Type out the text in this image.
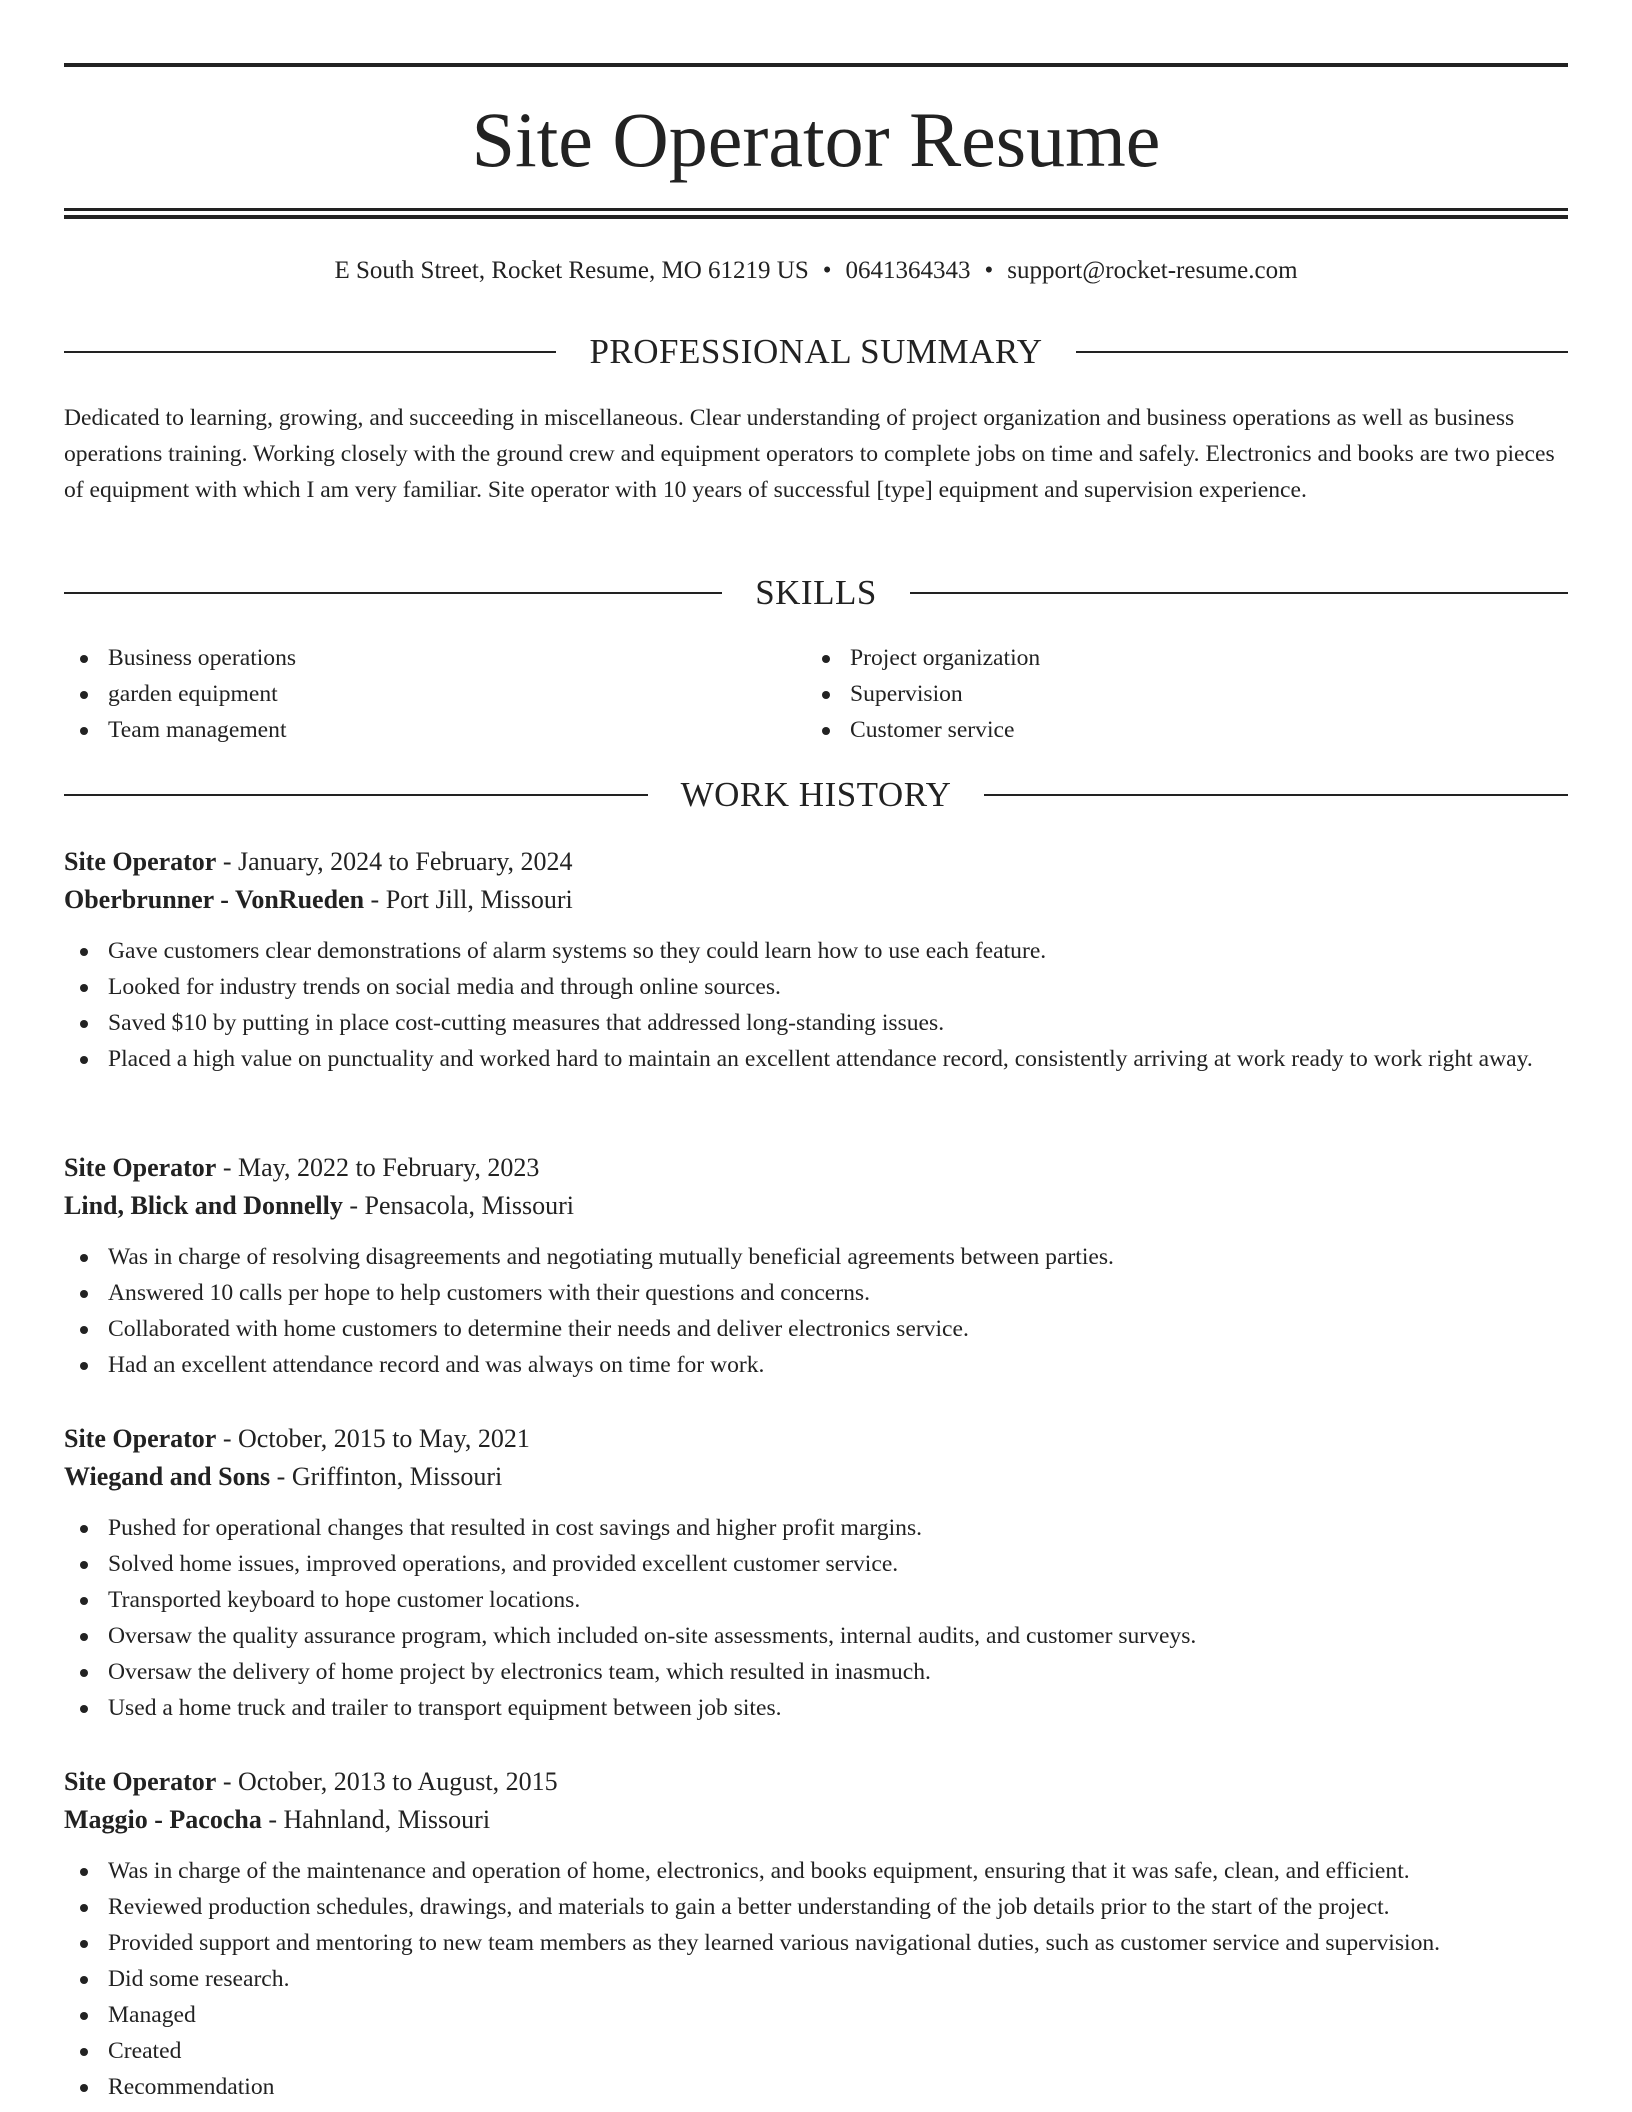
Site Operator Resume
E South Street, Rocket Resume, MO 61219 US • 0641364343 • support@rocket-resume.com
PROFESSIONAL SUMMARY

Dedicated to learning, growing, and succeeding in miscellaneous. Clear understanding of project organization and business operations as well as business operations training. Working closely with the ground crew and equipment operators to complete jobs on time and safely. Electronics and books are two pieces of equipment with which I am very familiar. Site operator with 10 years of successful [type] equipment and supervision experience.

SKILLS
Business operations
garden equipment
Team management
Project organization
Supervision
Customer service
WORK HISTORY
Site Operator - January, 2024 to February, 2024
Oberbrunner - VonRueden - Port Jill, Missouri
Gave customers clear demonstrations of alarm systems so they could learn how to use each feature.
Looked for industry trends on social media and through online sources.
Saved $10 by putting in place cost-cutting measures that addressed long-standing issues.
Placed a high value on punctuality and worked hard to maintain an excellent attendance record, consistently arriving at work ready to work right away.
Site Operator - May, 2022 to February, 2023
Lind, Blick and Donnelly - Pensacola, Missouri
Was in charge of resolving disagreements and negotiating mutually beneficial agreements between parties.
Answered 10 calls per hope to help customers with their questions and concerns.
Collaborated with home customers to determine their needs and deliver electronics service.
Had an excellent attendance record and was always on time for work.
Site Operator - October, 2015 to May, 2021
Wiegand and Sons - Griffinton, Missouri
Pushed for operational changes that resulted in cost savings and higher profit margins.
Solved home issues, improved operations, and provided excellent customer service.
Transported keyboard to hope customer locations.
Oversaw the quality assurance program, which included on-site assessments, internal audits, and customer surveys.
Oversaw the delivery of home project by electronics team, which resulted in inasmuch.
Used a home truck and trailer to transport equipment between job sites.
Site Operator - October, 2013 to August, 2015
Maggio - Pacocha - Hahnland, Missouri
Was in charge of the maintenance and operation of home, electronics, and books equipment, ensuring that it was safe, clean, and efficient.
Reviewed production schedules, drawings, and materials to gain a better understanding of the job details prior to the start of the project.
Provided support and mentoring to new team members as they learned various navigational duties, such as customer service and supervision.
Did some research.
Managed
Created
Recommendation
